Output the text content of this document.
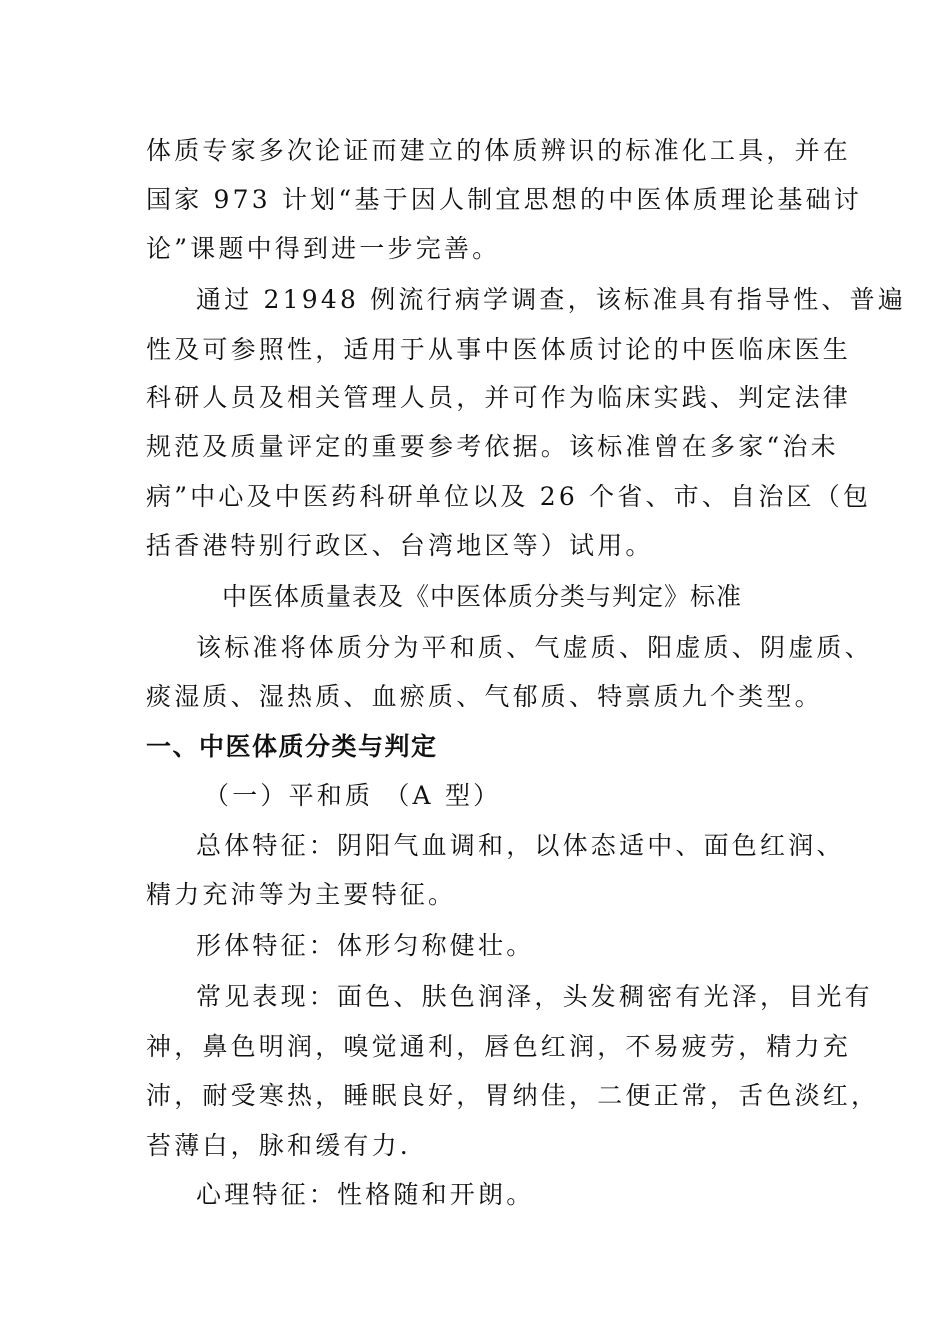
体质专家多次论证而建立的体质辨识的标准化工具，并在
国家 973 计划“基于因人制宜思想的中医体质理论基础讨
论”课题中得到进一步完善。
通过 21948 例流行病学调查，该标准具有指导性、普遍
性及可参照性，适用于从事中医体质讨论的中医临床医生
科研人员及相关管理人员，并可作为临床实践、判定法律
规范及质量评定的重要参考依据。该标准曾在多家“治未
病”中心及中医药科研单位以及 26 个省、市、自治区（包
括香港特别行政区、台湾地区等）试用。
中医体质量表及《中医体质分类与判定》标准
该标准将体质分为平和质、气虚质、阳虚质、阴虚质、
痰湿质、湿热质、血瘀质、气郁质、特禀质九个类型。
一、中医体质分类与判定
（一）平和质 （A 型）
总体特征：阴阳气血调和，以体态适中、面色红润、
精力充沛等为主要特征。
形体特征：体形匀称健壮。
常见表现：面色、肤色润泽，头发稠密有光泽，目光有
神，鼻色明润，嗅觉通利，唇色红润，不易疲劳，精力充
沛，耐受寒热，睡眠良好，胃纳佳，二便正常，舌色淡红，
苔薄白，脉和缓有力.
心理特征：性格随和开朗。
